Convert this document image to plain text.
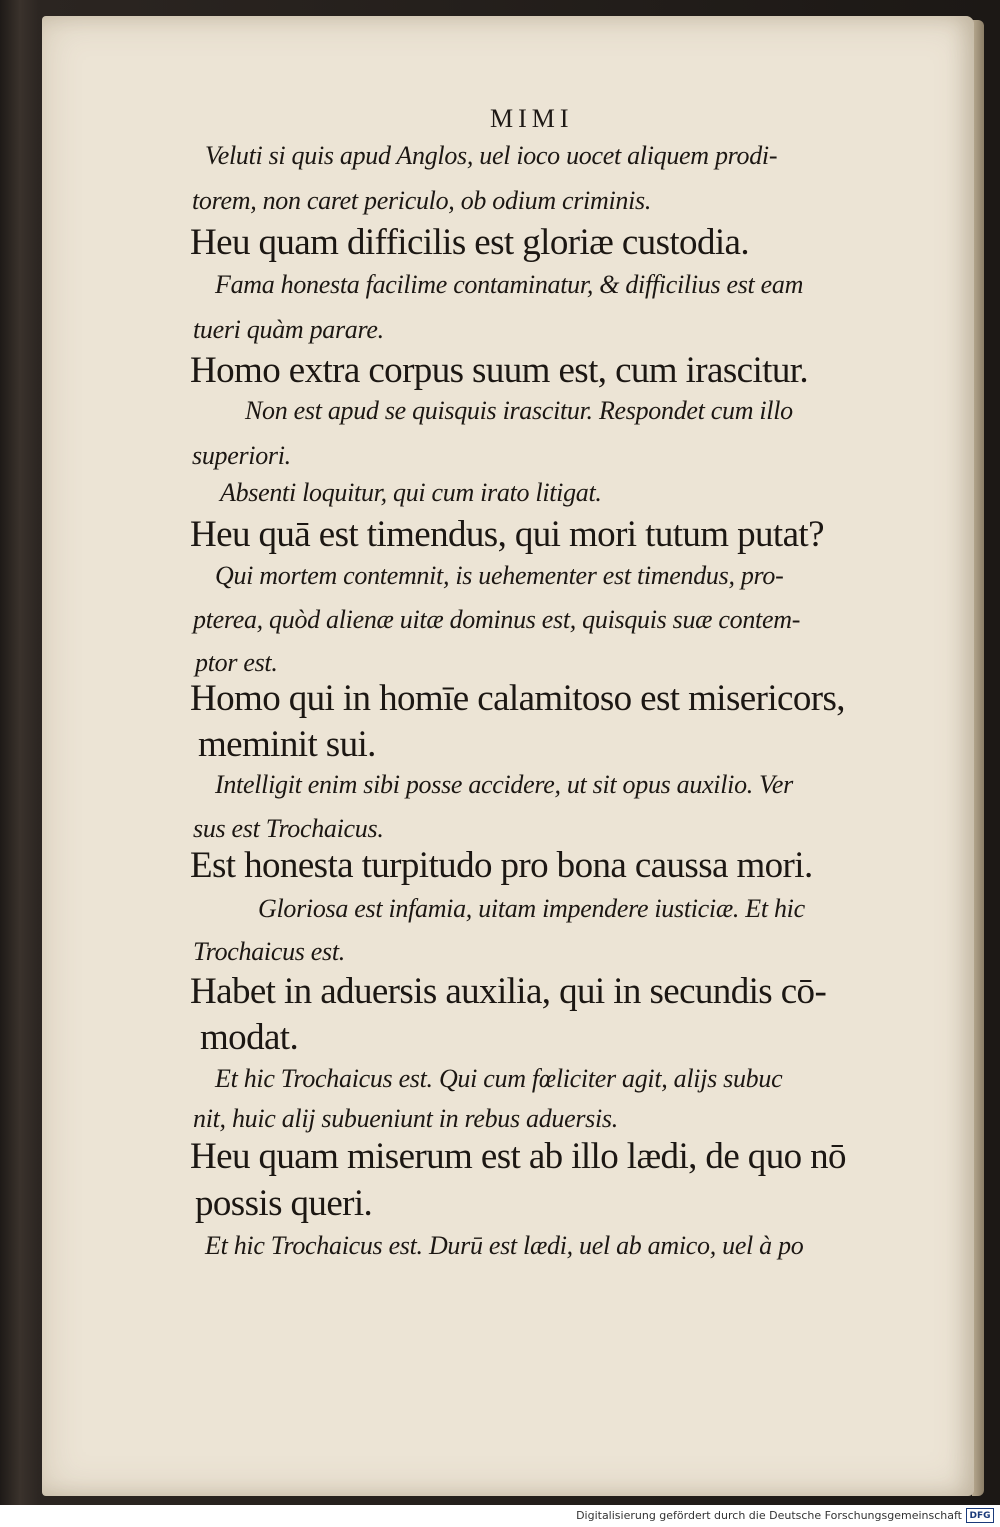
MIMI

Veluti si quis apud Anglos, uel ioco uocet aliquem prodi-

torem, non caret periculo, ob odium criminis.

Heu quam difficilis est gloriæ custodia.

Fama honesta facilime contaminatur, & difficilius est eam

tueri quàm parare.

Homo extra corpus suum est, cum irascitur.

Non est apud se quisquis irascitur. Respondet cum illo

superiori.

Absenti loquitur, qui cum irato litigat.

Heu quā est timendus, qui mori tutum putat?

Qui mortem contemnit, is uehementer est timendus, pro-

pterea, quòd alienæ uitæ dominus est, quisquis suæ contem-

ptor est.

Homo qui in homīe calamitoso est misericors,

meminit sui.

Intelligit enim sibi posse accidere, ut sit opus auxilio. Ver

sus est Trochaicus.

Est honesta turpitudo pro bona caussa mori.

Gloriosa est infamia, uitam impendere iusticiæ. Et hic

Trochaicus est.

Habet in aduersis auxilia, qui in secundis cō-

modat.

Et hic Trochaicus est. Qui cum fœliciter agit, alijs subuc

nit, huic alij subueniunt in rebus aduersis.

Heu quam miserum est ab illo lædi, de quo nō

possis queri.

Et hic Trochaicus est. Durū est lædi, uel ab amico, uel à po

Digitalisierung gefördert durch die Deutsche Forschungsgemeinschaft DFG
